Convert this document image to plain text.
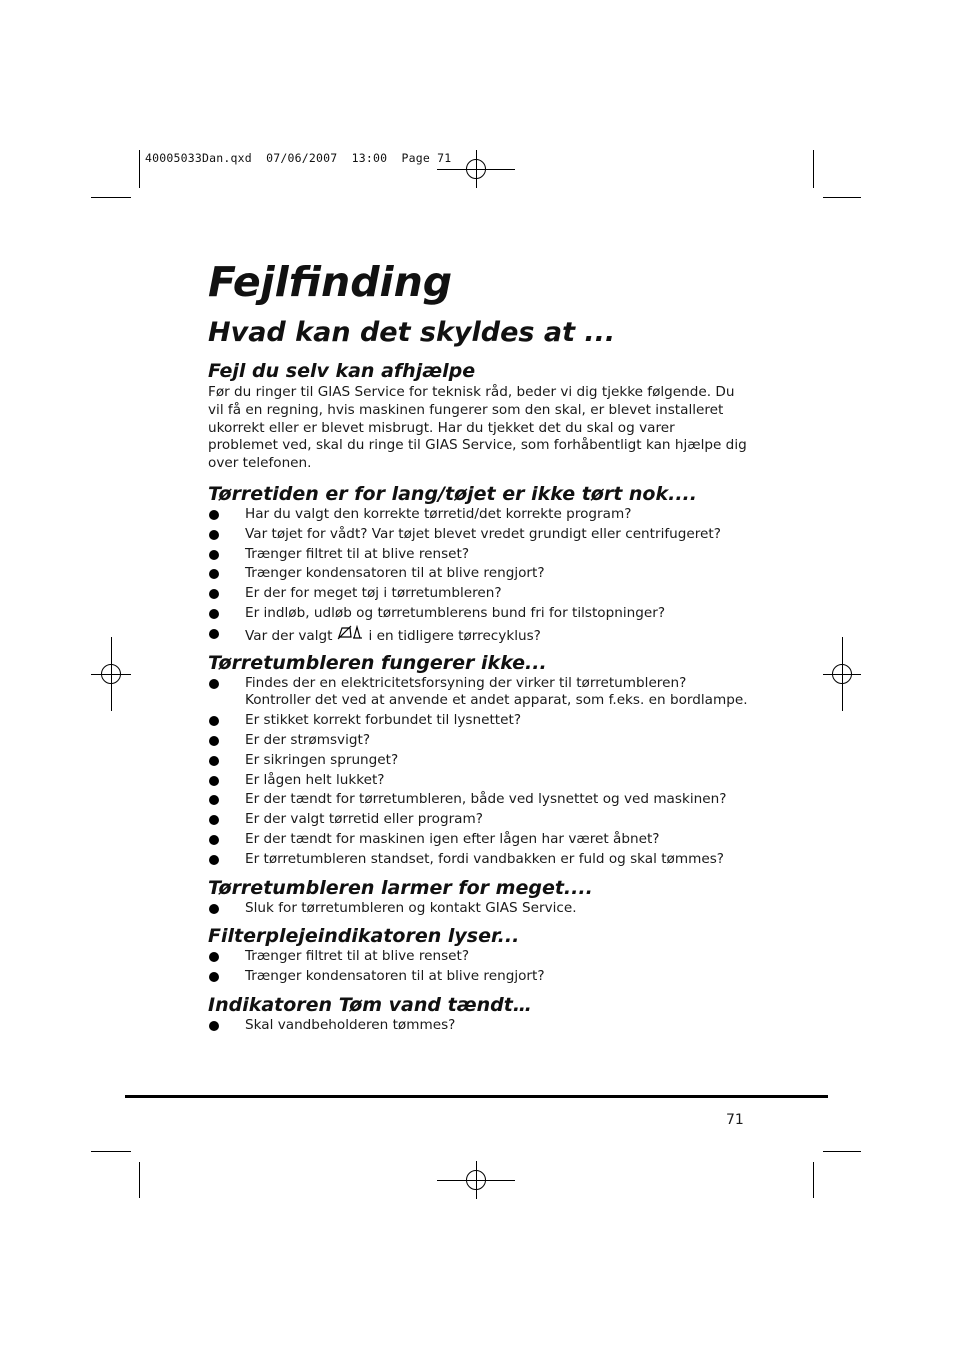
40005033Dan.qxd  07/06/2007  13:00  Page 71
Fejlfinding
Hvad kan det skyldes at ...
Fejl du selv kan afhjælpe

Før du ringer til GIAS Service for teknisk råd, beder vi dig tjekke følgende. Du vil få en regning, hvis maskinen fungerer som den skal, er blevet installeret ukorrekt eller er blevet misbrugt. Har du tjekket det du skal og varer problemet ved, skal du ringe til GIAS Service, som forhåbentligt kan hjælpe dig over telefonen.

Tørretiden er for lang/tøjet er ikke tørt nok....
Har du valgt den korrekte tørretid/det korrekte program?
Var tøjet for vådt? Var tøjet blevet vredet grundigt eller centrifugeret?
Trænger filtret til at blive renset?
Trænger kondensatoren til at blive rengjort?
Er der for meget tøj i tørretumbleren?
Er indløb, udløb og tørretumblerens bund fri for tilstopninger?
Var der valgt	i en tidligere tørrecyklus?
Tørretumbleren fungerer ikke...
Findes der en elektricitetsforsyning der virker til tørretumbleren? Kontroller det ved at anvende et andet apparat, som f.eks. en bordlampe.
Er stikket korrekt forbundet til lysnettet?
Er der strømsvigt?
Er sikringen sprunget?
Er lågen helt lukket?
Er der tændt for tørretumbleren, både ved lysnettet og ved maskinen?
Er der valgt tørretid eller program?
Er der tændt for maskinen igen efter lågen har været åbnet?
Er tørretumbleren standset, fordi vandbakken er fuld og skal tømmes?
Tørretumbleren larmer for meget....
Sluk for tørretumbleren og kontakt GIAS Service.
Filterplejeindikatoren lyser...
Trænger filtret til at blive renset?
Trænger kondensatoren til at blive rengjort?
Indikatoren Tøm vand tændt…
Skal vandbeholderen tømmes?
71
